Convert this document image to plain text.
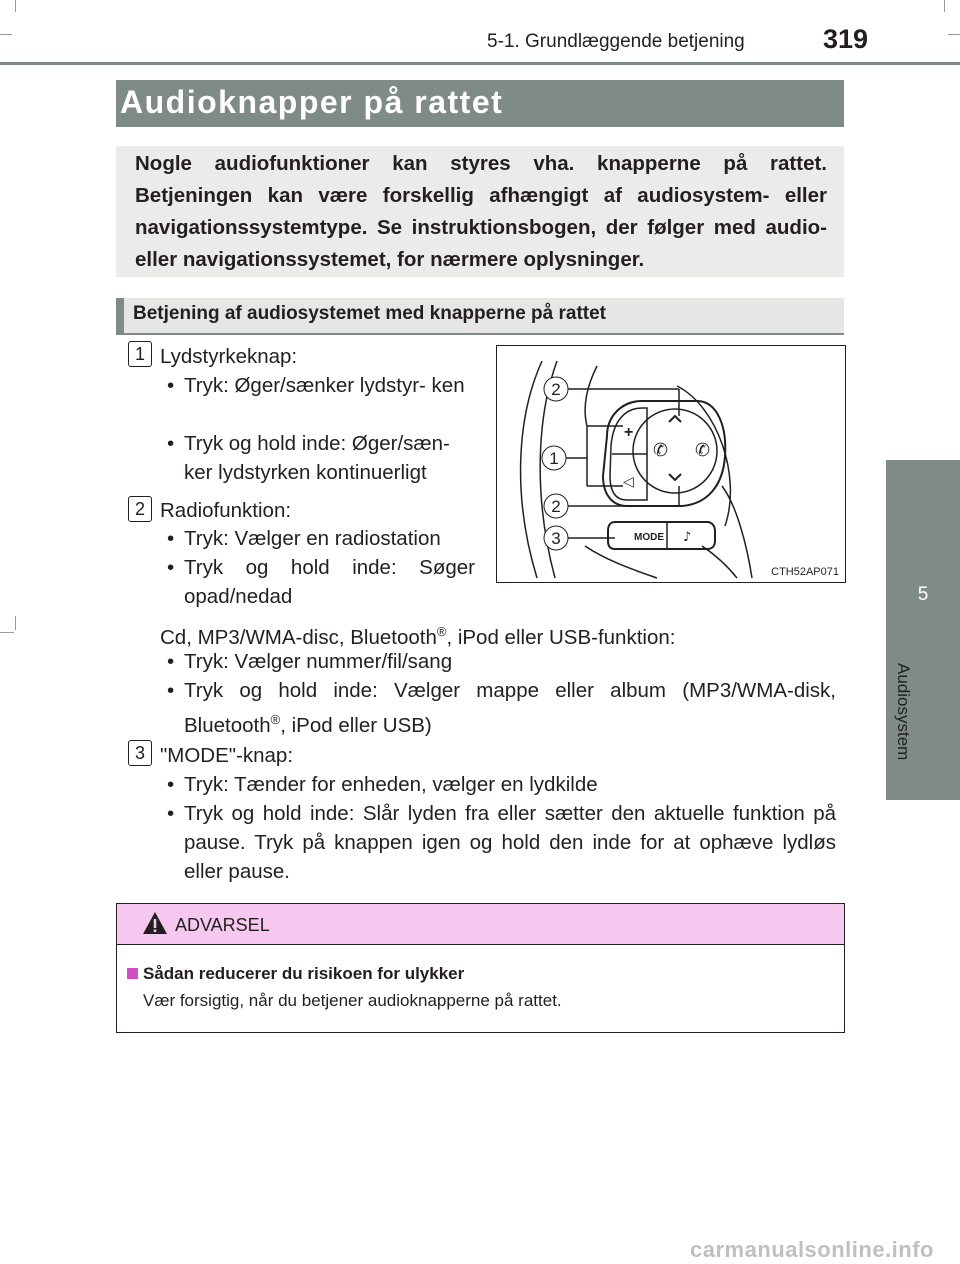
5-1. Grundlæggende betjening	319
5
Audiosystem
Audioknapper på rattet
Nogle audiofunktioner kan styres vha. knapperne på rattet. Betjeningen kan være forskellig afhængigt af audiosystem- eller navigationssystemtype. Se instruktionsbogen, der følger med audio- eller navigationssystemet, for nærmere oplysninger.
Betjening af audiosystemet med knapperne på rattet
1 Lydstyrkeknap:
• Tryk: Øger/sænker lydstyr- ken
• Tryk og hold inde: Øger/sæn- ker lydstyrken kontinuerligt
2 Radiofunktion:
• Tryk: Vælger en radiostation
• Tryk og hold inde: Søger opad/nedad
Cd, MP3/WMA-disc, Bluetooth®, iPod eller USB-funktion:
• Tryk: Vælger nummer/fil/sang
• Tryk og hold inde: Vælger mappe eller album (MP3/WMA-disk, Bluetooth®, iPod eller USB)
3 "MODE"-knap:
• Tryk: Tænder for enheden, vælger en lydkilde
• Tryk og hold inde: Slår lyden fra eller sætter den aktuelle funktion på pause. Tryk på knappen igen og hold den inde for at ophæve lydløs eller pause.
✆ ✆
+
◁
MODE ♪
2
1
2
3
CTH52AP071
ADVARSEL
Sådan reducerer du risikoen for ulykker
Vær forsigtig, når du betjener audioknapperne på rattet.
carmanualsonline.info
